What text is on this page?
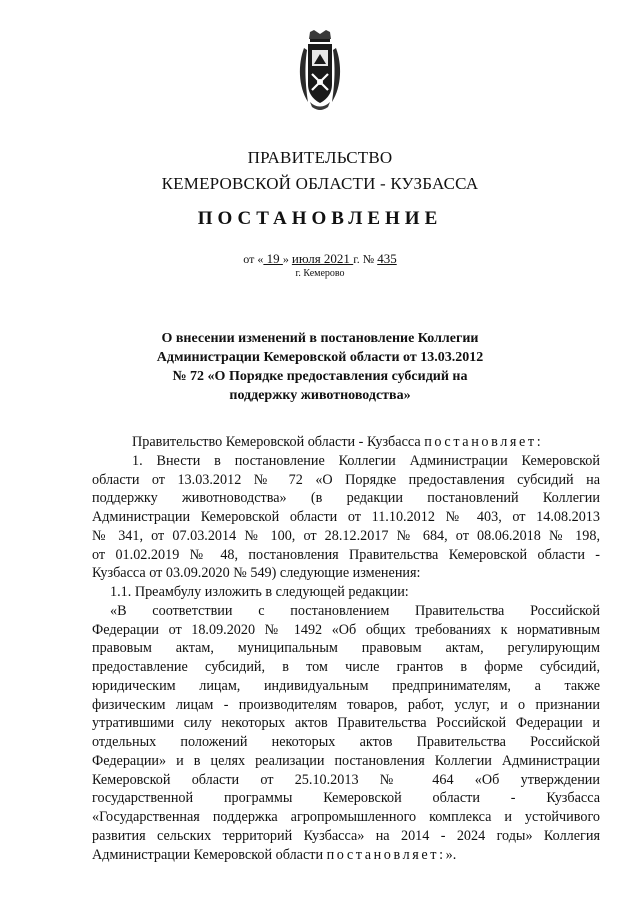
ПРАВИТЕЛЬСТВО
КЕМЕРОВСКОЙ ОБЛАСТИ - КУЗБАССА
ПОСТАНОВЛЕНИЕ
от « 19 » июля 2021 г. № 435
г. Кемерово
О внесении изменений в постановление Коллегии
Администрации Кемеровской области от 13.03.2012
№ 72 «О Порядке предоставления субсидий на
поддержку животноводства»
Правительство Кемеровской области - Кузбасса постановляет:
1. Внести в постановление Коллегии Администрации Кемеровской
области от 13.03.2012 № 72 «О Порядке предоставления субсидий на
поддержку животноводства» (в редакции постановлений Коллегии
Администрации Кемеровской области от 11.10.2012 № 403, от 14.08.2013
№ 341, от 07.03.2014 № 100, от 28.12.2017 № 684, от 08.06.2018 № 198,
от 01.02.2019 № 48, постановления Правительства Кемеровской области -
Кузбасса от 03.09.2020 № 549) следующие изменения:
1.1. Преамбулу изложить в следующей редакции:
«В соответствии с постановлением Правительства Российской
Федерации от 18.09.2020 № 1492 «Об общих требованиях к нормативным
правовым актам, муниципальным правовым актам, регулирующим
предоставление субсидий, в том числе грантов в форме субсидий,
юридическим лицам, индивидуальным предпринимателям, а также
физическим лицам - производителям товаров, работ, услуг, и о признании
утратившими силу некоторых актов Правительства Российской Федерации и
отдельных положений некоторых актов Правительства Российской
Федерации» и в целях реализации постановления Коллегии Администрации
Кемеровской области от 25.10.2013 № 464 «Об утверждении
государственной программы Кемеровской области - Кузбасса
«Государственная поддержка агропромышленного комплекса и устойчивого
развития сельских территорий Кузбасса» на 2014 - 2024 годы» Коллегия
Администрации Кемеровской области постановляет:».
